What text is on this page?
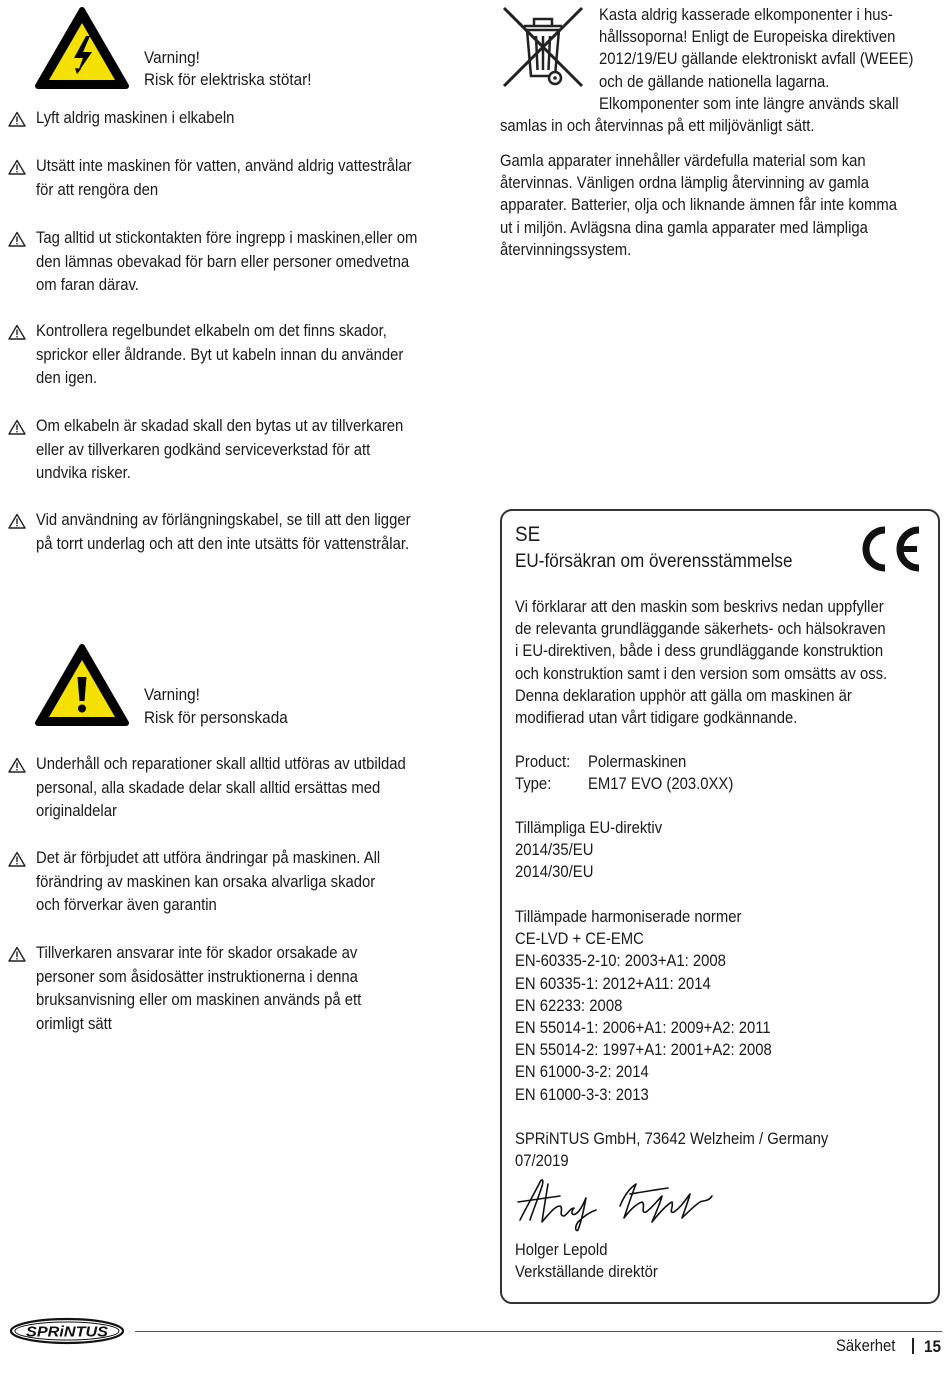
Varning!
Risk för elektriska stötar!
Lyft aldrig maskinen i elkabeln
Utsätt inte maskinen för vatten, använd aldrig vattestrålar
för att rengöra den
Tag alltid ut stickontakten före ingrepp i maskinen,eller om
den lämnas obevakad för barn eller personer omedvetna
om faran därav.
Kontrollera regelbundet elkabeln om det finns skador,
sprickor eller åldrande. Byt ut kabeln innan du använder
den igen.
Om elkabeln är skadad skall den bytas ut av tillverkaren
eller av tillverkaren godkänd serviceverkstad för att
undvika risker.
Vid användning av förlängningskabel, se till att den ligger
på torrt underlag och att den inte utsätts för vattenstrålar.
Varning!
Risk för personskada
Underhåll och reparationer skall alltid utföras av utbildad
personal, alla skadade delar skall alltid ersättas med
originaldelar
Det är förbjudet att utföra ändringar på maskinen. All
förändring av maskinen kan orsaka alvarliga skador
och förverkar även garantin
Tillverkaren ansvarar inte för skador orsakade av
personer som åsidosätter instruktionerna i denna
bruksanvisning eller om maskinen används på ett
orimligt sätt
Kasta aldrig kasserade elkomponenter i hus-
hållssoporna! Enligt de Europeiska direktiven
2012/19/EU gällande elektroniskt avfall (WEEE)
och de gällande nationella lagarna.
Elkomponenter som inte längre används skall
samlas in och återvinnas på ett miljövänligt sätt.
Gamla apparater innehåller värdefulla material som kan
återvinnas. Vänligen ordna lämplig återvinning av gamla
apparater. Batterier, olja och liknande ämnen får inte komma
ut i miljön. Avlägsna dina gamla apparater med lämpliga
återvinningssystem.
SE
EU-försäkran om överensstämmelse
Vi förklarar att den maskin som beskrivs nedan uppfyller
de relevanta grundläggande säkerhets- och hälsokraven
i EU-direktiven, både i dess grundläggande konstruktion
och konstruktion samt i den version som omsätts av oss.
Denna deklaration upphör att gälla om maskinen är
modifierad utan vårt tidigare godkännande.
Product: Polermaskinen
Type: EM17 EVO (203.0XX)
Tillämpliga EU-direktiv
2014/35/EU
2014/30/EU
Tillämpade harmoniserade normer
CE-LVD + CE-EMC
EN-60335-2-10: 2003+A1: 2008
EN 60335-1: 2012+A11: 2014
EN 62233: 2008
EN 55014-1: 2006+A1: 2009+A2: 2011
EN 55014-2: 1997+A1: 2001+A2: 2008
EN 61000-3-2: 2014
EN 61000-3-3: 2013
SPRiNTUS GmbH, 73642 Welzheim / Germany
07/2019
Holger Lepold
Verkställande direktör
SPRiNTUS
Säkerhet 15
